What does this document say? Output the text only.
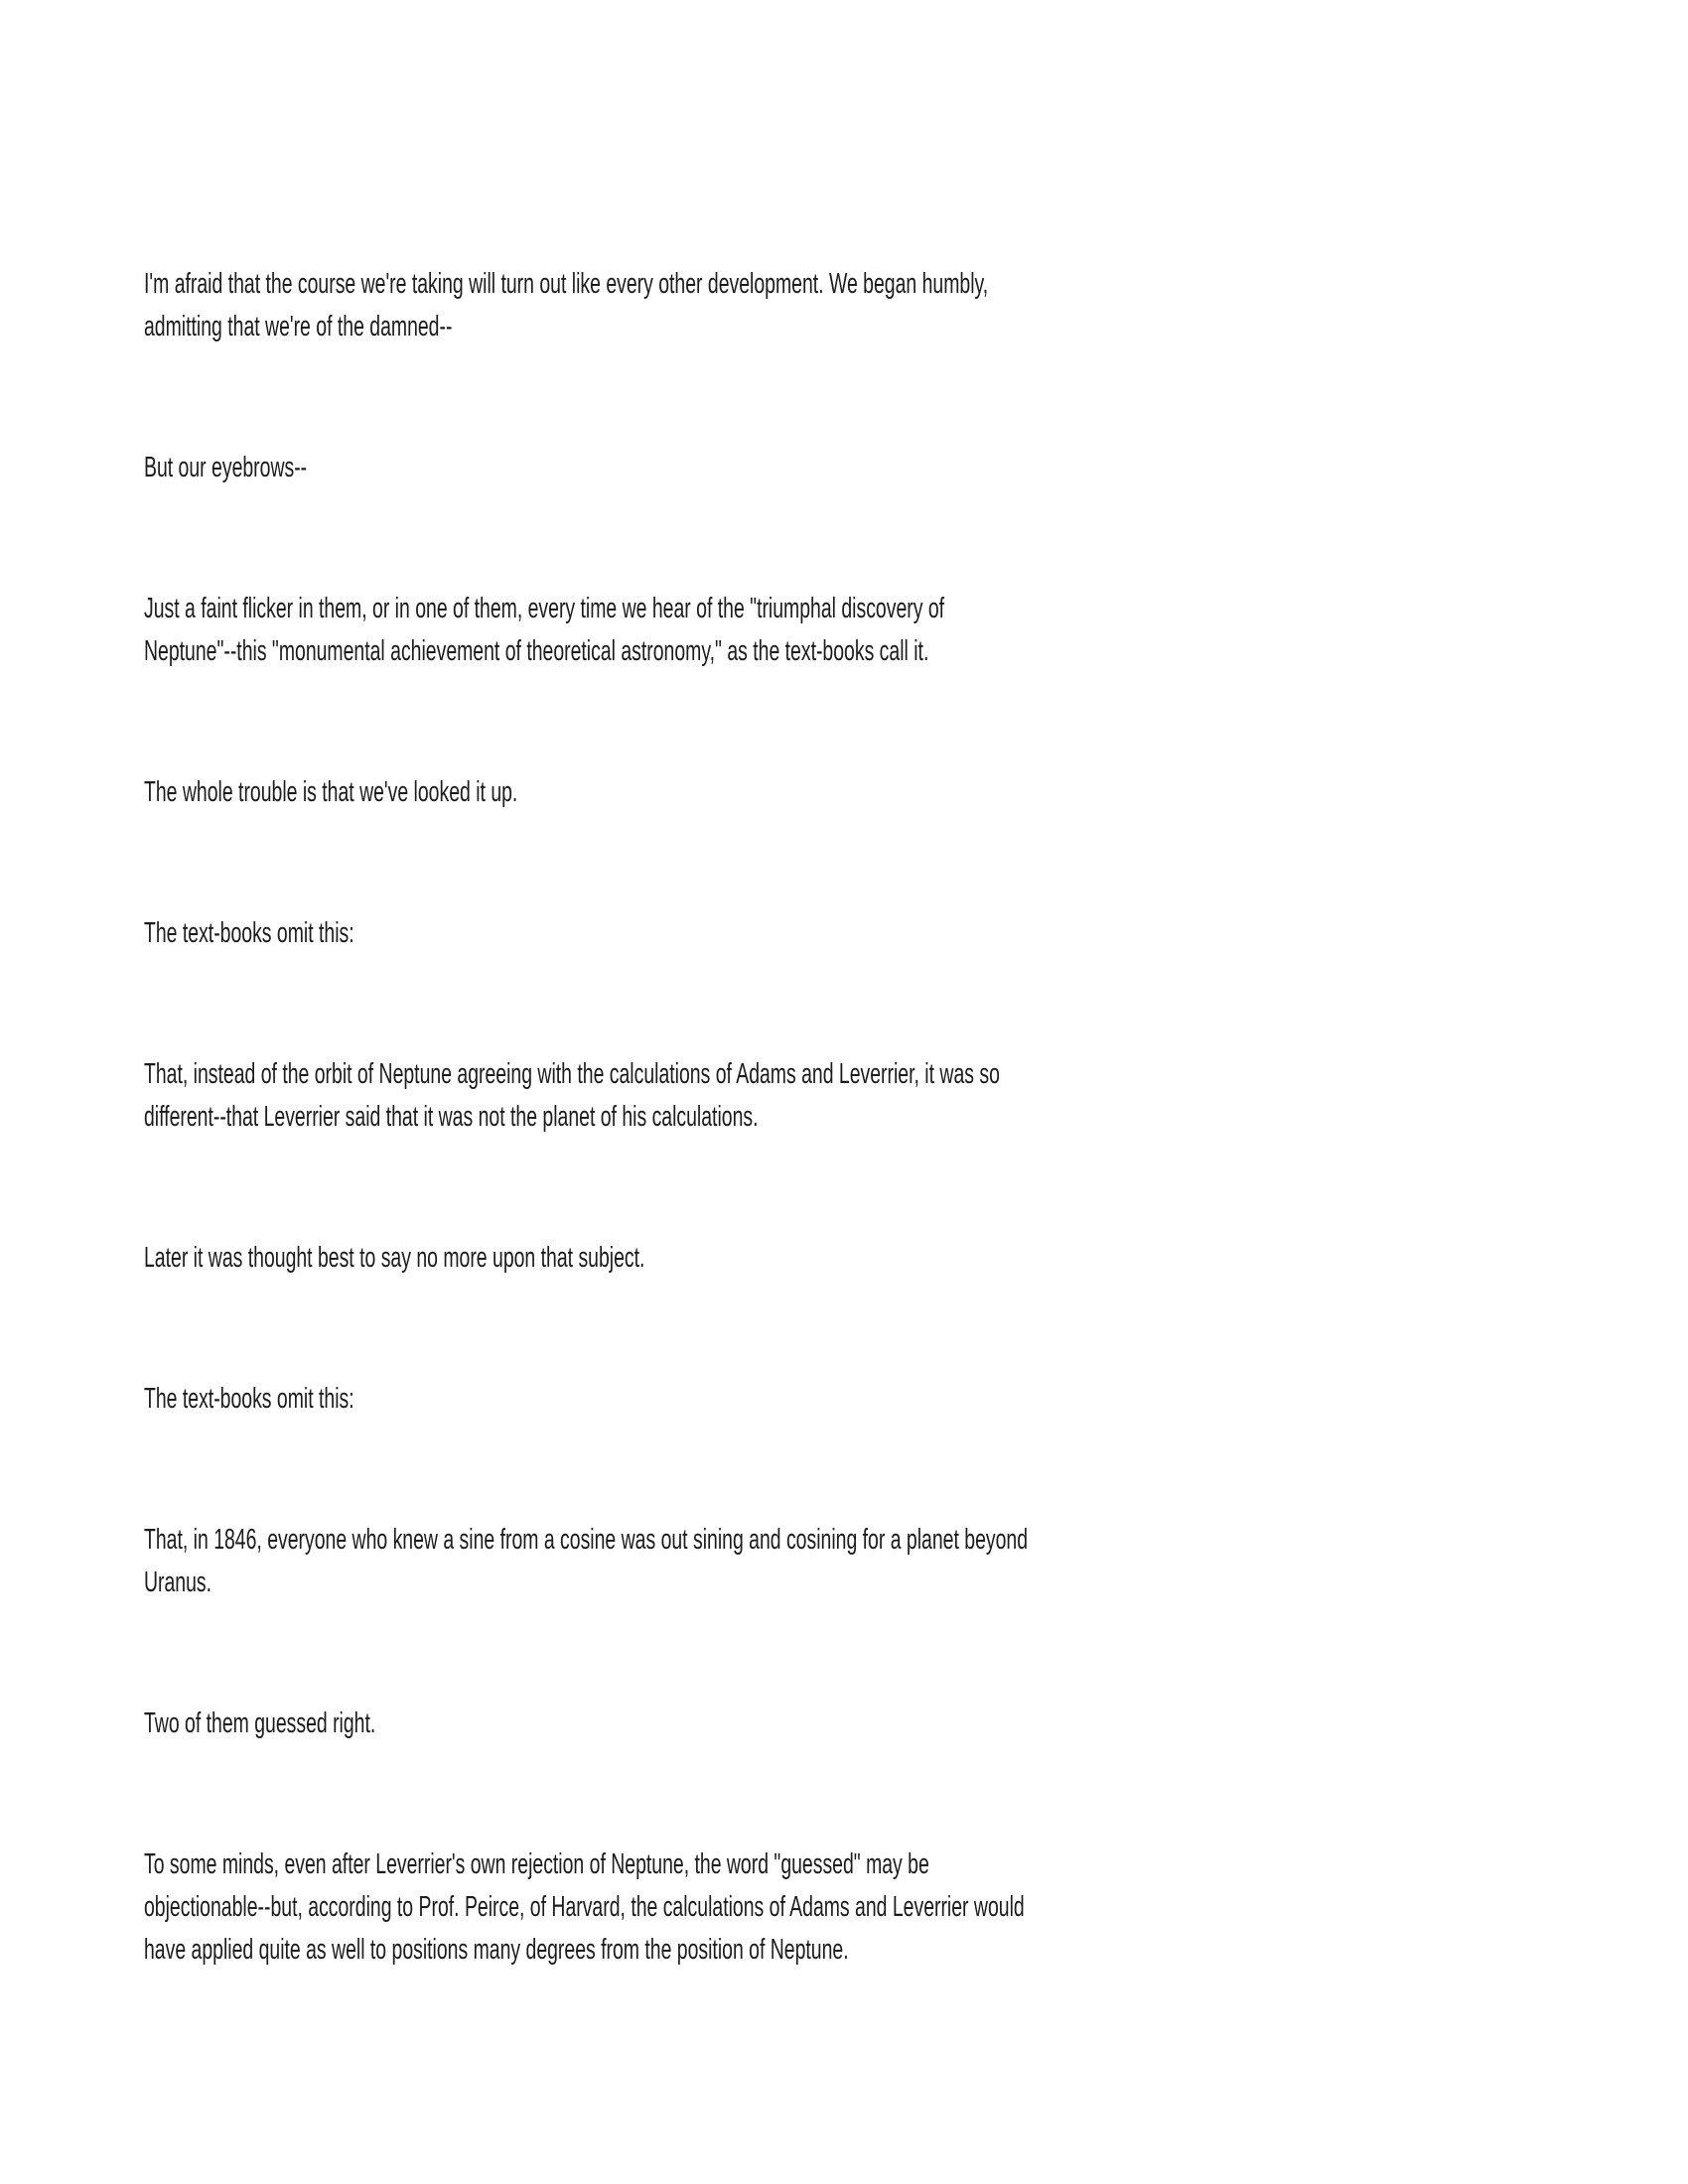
I'm afraid that the course we're taking will turn out like every other development. We began humbly,
admitting that we're of the damned--
But our eyebrows--
Just a faint flicker in them, or in one of them, every time we hear of the "triumphal discovery of
Neptune"--this "monumental achievement of theoretical astronomy," as the text-books call it.
The whole trouble is that we've looked it up.
The text-books omit this:
That, instead of the orbit of Neptune agreeing with the calculations of Adams and Leverrier, it was so
different--that Leverrier said that it was not the planet of his calculations.
Later it was thought best to say no more upon that subject.
The text-books omit this:
That, in 1846, everyone who knew a sine from a cosine was out sining and cosining for a planet beyond
Uranus.
Two of them guessed right.
To some minds, even after Leverrier's own rejection of Neptune, the word "guessed" may be
objectionable--but, according to Prof. Peirce, of Harvard, the calculations of Adams and Leverrier would
have applied quite as well to positions many degrees from the position of Neptune.
